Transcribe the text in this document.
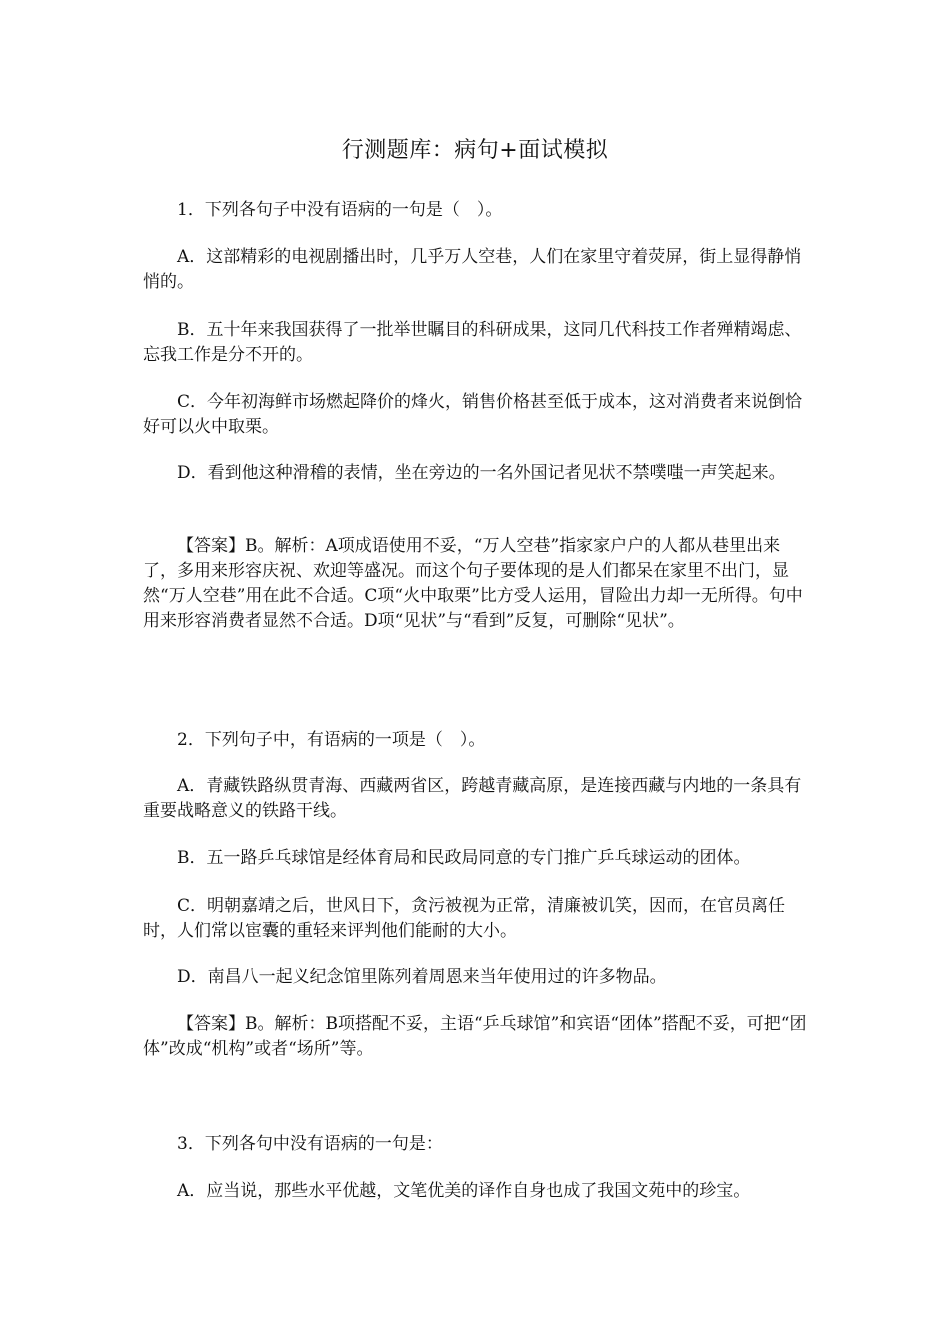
行测题库：病句+面试模拟

1．下列各句子中没有语病的一句是（　）。

A．这部精彩的电视剧播出时，几乎万人空巷，人们在家里守着荧屏，街上显得静悄悄的。

B．五十年来我国获得了一批举世瞩目的科研成果，这同几代科技工作者殚精竭虑、忘我工作是分不开的。

C．今年初海鲜市场燃起降价的烽火，销售价格甚至低于成本，这对消费者来说倒恰好可以火中取栗。

D．看到他这种滑稽的表情，坐在旁边的一名外国记者见状不禁噗嗤一声笑起来。

【答案】B。解析：A项成语使用不妥，“万人空巷”指家家户户的人都从巷里出来了，多用来形容庆祝、欢迎等盛况。而这个句子要体现的是人们都呆在家里不出门，显然“万人空巷”用在此不合适。C项“火中取栗”比方受人运用，冒险出力却一无所得。句中用来形容消费者显然不合适。D项“见状”与“看到”反复，可删除“见状”。

2．下列句子中，有语病的一项是（　）。

A．青藏铁路纵贯青海、西藏两省区，跨越青藏高原，是连接西藏与内地的一条具有重要战略意义的铁路干线。

B．五一路乒乓球馆是经体育局和民政局同意的专门推广乒乓球运动的团体。

C．明朝嘉靖之后，世风日下，贪污被视为正常，清廉被讥笑，因而，在官员离任时，人们常以宦囊的重轻来评判他们能耐的大小。

D．南昌八一起义纪念馆里陈列着周恩来当年使用过的许多物品。

【答案】B。解析：B项搭配不妥，主语“乒乓球馆”和宾语“团体”搭配不妥，可把“团体”改成“机构”或者“场所”等。

3．下列各句中没有语病的一句是：

A．应当说，那些水平优越，文笔优美的译作自身也成了我国文苑中的珍宝。
